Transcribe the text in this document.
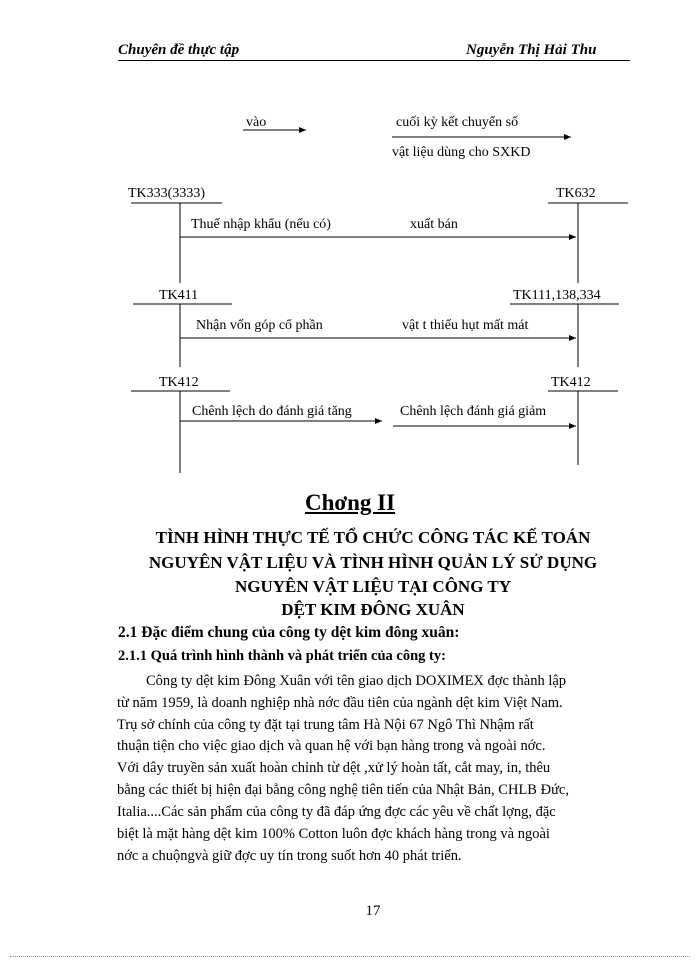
Chuyên đề thực tập	Nguyễn Thị Hải Thu
vào	cuối kỳ kết chuyển số
vật liệu dùng cho SXKD
TK333(3333)	TK632
Thuế nhập khẩu (nếu có)	xuất bán
TK411	TK111,138,334
Nhận vốn góp cổ phần	vật t thiếu hụt mất mát
TK412	TK412
Chênh lệch do đánh giá tăng	Chênh lệch đánh giá giảm
Chơng II
TÌNH HÌNH THỰC TẾ TỔ CHỨC CÔNG TÁC KẾ TOÁN
NGUYÊN VẬT LIỆU VÀ TÌNH HÌNH QUẢN LÝ SỬ DỤNG
NGUYÊN VẬT LIỆU TẠI CÔNG TY
DỆT KIM ĐÔNG XUÂN
2.1 Đặc điểm chung của công ty dệt kim đông xuân:
2.1.1 Quá trình hình thành và phát triển của công ty:
Công ty dệt kim Đông Xuân với tên giao dịch DOXIMEX đợc thành lập
từ năm 1959, là doanh nghiệp nhà nớc đầu tiên của ngành dệt kim Việt Nam.
Trụ sở chính của công ty đặt tại trung tâm Hà Nội 67 Ngô Thì Nhậm rất
thuận tiện cho việc giao dịch và quan hệ với bạn hàng trong và ngoài nớc.
Với dây truyền sản xuất hoàn chỉnh từ dệt ,xử lý hoàn tất, cắt may, in, thêu
bằng các thiết bị hiện đại bằng công nghệ tiên tiến của Nhật Bản, CHLB Đức,
Italia....Các sản phẩm của công ty đã đáp ứng đợc các yêu về chất lợng, đặc
biệt là mặt hàng dệt kim 100% Cotton luôn đợc khách hàng trong và ngoài
nớc a chuộngvà giữ đợc uy tín trong suốt hơn 40 phát triển.
17
